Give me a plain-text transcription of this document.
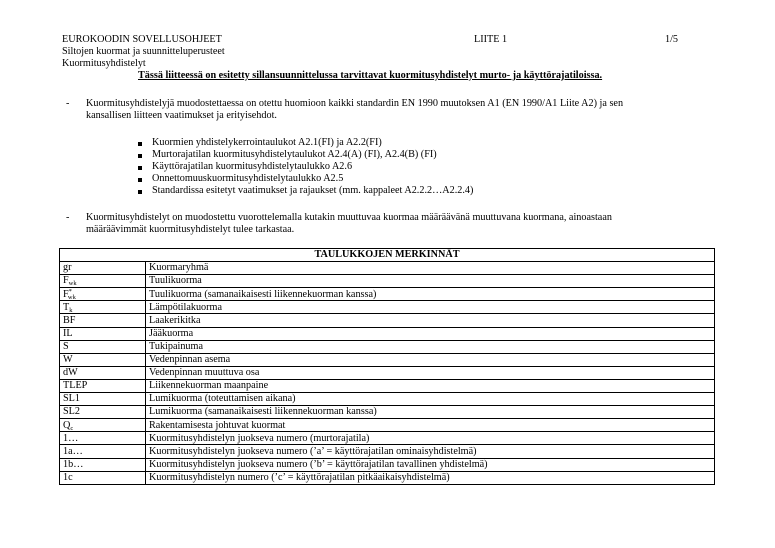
EUROKOODIN SOVELLUSOHJEET	LIITE 1	1/5
Siltojen kuormat ja suunnitteluperusteet
Kuormitusyhdistelyt
Tässä liitteessä on esitetty sillansuunnittelussa tarvittavat kuormitusyhdistelyt murto- ja käyttörajatiloissa.
- Kuormitusyhdistelyjä muodostettaessa on otettu huomioon kaikki standardin EN 1990 muutoksen A1 (EN 1990/A1 Liite A2) ja sen
kansallisen liitteen vaatimukset ja erityisehdot.
Kuormien yhdistelykerrointaulukot A2.1(FI) ja A2.2(FI)
Murtorajatilan kuormitusyhdistelytaulukot A2.4(A) (FI), A2.4(B) (FI)
Käyttörajatilan kuormitusyhdistelytaulukko A2.6
Onnettomuuskuormitusyhdistelytaulukko A2.5
Standardissa esitetyt vaatimukset ja rajaukset (mm. kappaleet A2.2.2…A2.2.4)
- Kuormitusyhdistelyt on muodostettu vuorottelemalla kutakin muuttuvaa kuormaa määräävänä muuttuvana kuormana, ainoastaan
määräävimmät kuormitusyhdistelyt tulee tarkastaa.
TAULUKKOJEN MERKINNÄT	
gr	Kuormaryhmä
$F_{wk}$	Tuulikuorma
$F^*_{wk}$	Tuulikuorma (samanaikaisesti liikennekuorman kanssa)
$T_k$	Lämpötilakuorma
BF	Laakerikitka
IL	Jääkuorma
S	Tukipainuma
W	Vedenpinnan asema
dW	Vedenpinnan muuttuva osa
TLEP	Liikennekuorman maanpaine
SL1	Lumikuorma (toteuttamisen aikana)
SL2	Lumikuorma (samanaikaisesti liikennekuorman kanssa)
$Q_c$	Rakentamisesta johtuvat kuormat
1…	Kuormitusyhdistelyn juokseva numero (murtorajatila)
1a…	Kuormitusyhdistelyn juokseva numero (’a’ = käyttörajatilan ominaisyhdistelmä)
1b…	Kuormitusyhdistelyn juokseva numero (’b’ = käyttörajatilan tavallinen yhdistelmä)
1c	Kuormitusyhdistelyn numero (’c’ = käyttörajatilan pitkäaikaisyhdistelmä)
